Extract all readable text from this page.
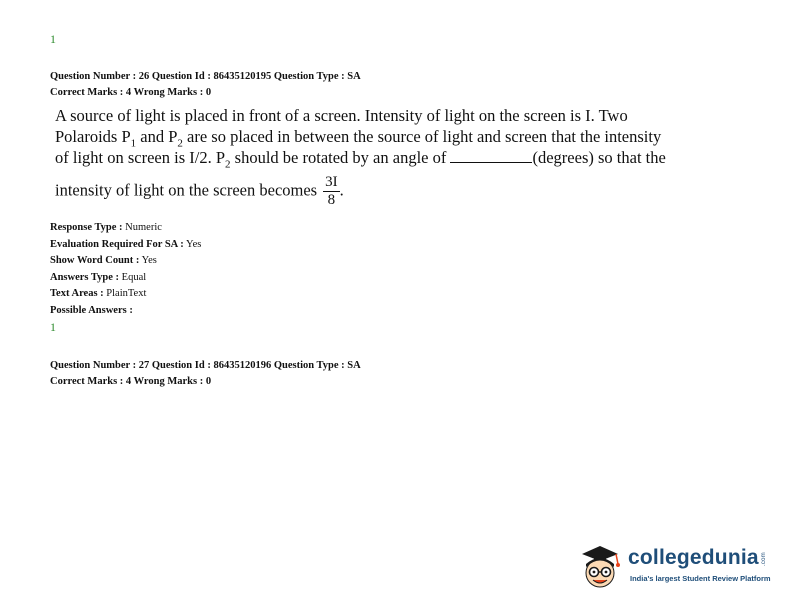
1
Question Number : 26 Question Id : 86435120195 Question Type : SA
Correct Marks : 4 Wrong Marks : 0
A source of light is placed in front of a screen. Intensity of light on the screen is I. Two
Polaroids $P_1$ and $P_2$ are so placed in between the source of light and screen that the intensity
of light on screen is I/2. $P_2$ should be rotated by an angle of	(degrees) so that the
intensity of light on the screen becomes $\frac{3I}{8}$ .
Response Type : Numeric
Evaluation Required For SA : Yes
Show Word Count : Yes
Answers Type : Equal
Text Areas : PlainText
Possible Answers :
1
Question Number : 27 Question Id : 86435120196 Question Type : SA
Correct Marks : 4 Wrong Marks : 0
collegedunia .com
India's largest Student Review Platform
